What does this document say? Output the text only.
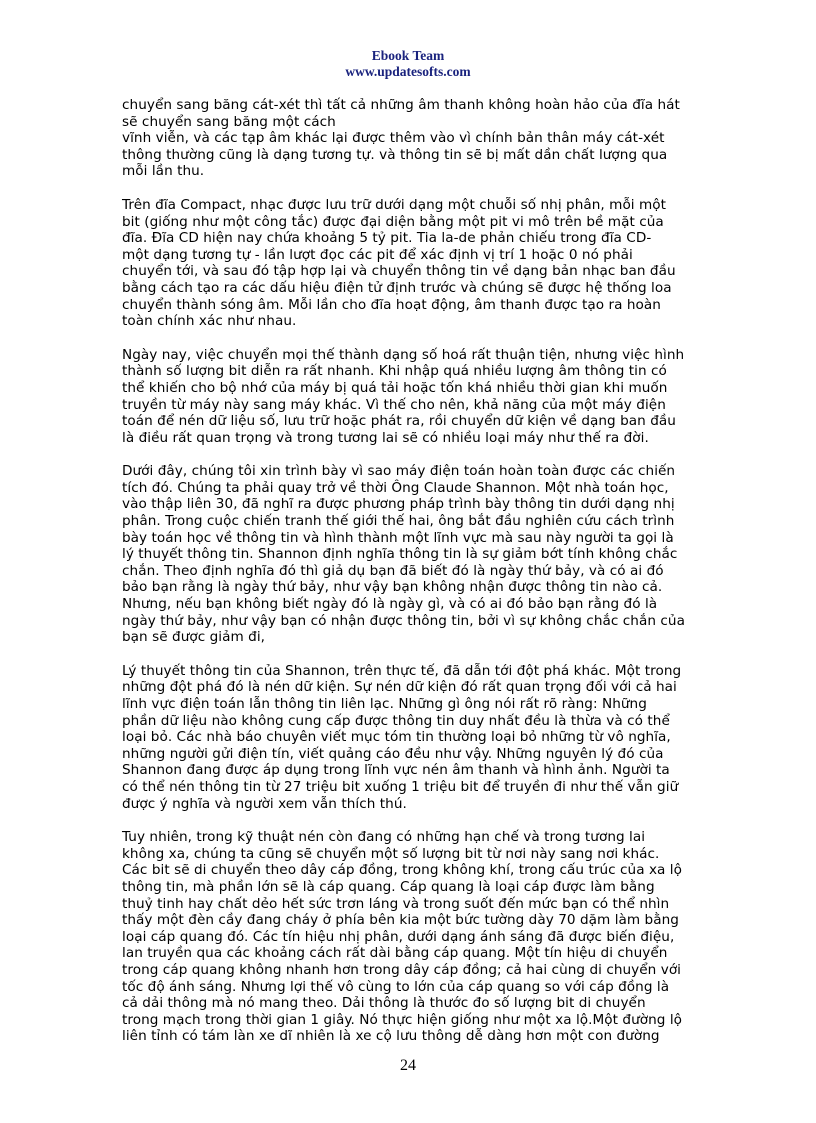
Ebook Team
www.updatesofts.com
chuyển sang băng cát-xét thì tất cả những âm thanh không hoàn hảo của đĩa hát
sẽ chuyển sang băng một cách
vĩnh viễn, và các tạp âm khác lại được thêm vào vì chính bản thân máy cát-xét
thông thường cũng là dạng tương tự. và thông tin sẽ bị mất dần chất lượng qua
mỗi lần thu.
Trên đĩa Compact, nhạc được lưu trữ dưới dạng một chuỗi số nhị phân, mỗi một
bit (giống như một công tắc) được đại diện bằng một pit vi mô trên bề mặt của
đĩa. Đĩa CD hiện nay chứa khoảng 5 tỷ pit. Tia la-de phản chiếu trong đĩa CD-
một dạng tương tự - lần lượt đọc các pit để xác định vị trí 1 hoặc 0 nó phải
chuyển tới, và sau đó tập hợp lại và chuyển thông tin về dạng bản nhạc ban đầu
bằng cách tạo ra các dấu hiệu điện tử định trước và chúng sẽ được hệ thống loa
chuyển thành sóng âm. Mỗi lần cho đĩa hoạt động, âm thanh được tạo ra hoàn
toàn chính xác như nhau.
Ngày nay, việc chuyển mọi thế thành dạng số hoá rất thuận tiện, nhưng việc hình
thành số lượng bit diễn ra rất nhanh. Khi nhập quá nhiều lượng âm thông tin có
thể khiến cho bộ nhớ của máy bị quá tải hoặc tốn khá nhiều thời gian khi muốn
truyền từ máy này sang máy khác. Vì thế cho nên, khả năng của một máy điện
toán để nén dữ liệu số, lưu trữ hoặc phát ra, rồi chuyển dữ kiện về dạng ban đầu
là điều rất quan trọng và trong tương lai sẽ có nhiều loại máy như thế ra đời.
Dưới đây, chúng tôi xin trình bày vì sao máy điện toán hoàn toàn được các chiến
tích đó. Chúng ta phải quay trở về thời Ông Claude Shannon. Một nhà toán học,
vào thập liên 30, đã nghĩ ra được phương pháp trình bày thông tin dưới dạng nhị
phân. Trong cuộc chiến tranh thế giới thế hai, ông bắt đầu nghiên cứu cách trình
bày toán học về thông tin và hình thành một lĩnh vực mà sau này người ta gọi là
lý thuyết thông tin. Shannon định nghĩa thông tin là sự giảm bớt tính không chắc
chắn. Theo định nghĩa đó thì giả dụ bạn đã biết đó là ngày thứ bảy, và có ai đó
bảo bạn rằng là ngày thứ bảy, như vậy bạn không nhận được thông tin nào cả.
Nhưng, nếu bạn không biết ngày đó là ngày gì, và có ai đó bảo bạn rằng đó là
ngày thứ bảy, như vậy bạn có nhận được thông tin, bởi vì sự không chắc chắn của
bạn sẽ được giảm đi,
Lý thuyết thông tin của Shannon, trên thực tế, đã dẫn tới đột phá khác. Một trong
những đột phá đó là nén dữ kiện. Sự nén dữ kiện đó rất quan trọng đối với cả hai
lĩnh vực điện toán lẫn thông tin liên lạc. Những gì ông nói rất rõ ràng: Những
phần dữ liệu nào không cung cấp được thông tin duy nhất đều là thừa và có thể
loại bỏ. Các nhà báo chuyên viết mục tóm tin thường loại bỏ những từ vô nghĩa,
những người gửi điện tín, viết quảng cáo đều như vậy. Những nguyên lý đó của
Shannon đang được áp dụng trong lĩnh vực nén âm thanh và hình ảnh. Người ta
có thể nén thông tin từ 27 triệu bit xuống 1 triệu bit để truyền đi như thế vẫn giữ
được ý nghĩa và người xem vẫn thích thú.
Tuy nhiên, trong kỹ thuật nén còn đang có những hạn chế và trong tương lai
không xa, chúng ta cũng sẽ chuyển một số lượng bit từ nơi này sang nơi khác.
Các bit sẽ di chuyển theo dây cáp đồng, trong không khí, trong cấu trúc của xa lộ
thông tin, mà phần lớn sẽ là cáp quang. Cáp quang là loại cáp được làm bằng
thuỷ tinh hay chất dẻo hết sức trơn láng và trong suốt đến mức bạn có thể nhìn
thấy một đèn cầy đang cháy ở phía bên kia một bức tường dày 70 dặm làm bằng
loại cáp quang đó. Các tín hiệu nhị phân, dưới dạng ánh sáng đã được biến điệu,
lan truyền qua các khoảng cách rất dài bằng cáp quang. Một tín hiệu di chuyển
trong cáp quang không nhanh hơn trong dây cáp đồng; cả hai cùng di chuyển với
tốc độ ánh sáng. Nhưng lợi thế vô cùng to lớn của cáp quang so với cáp đồng là
cả dải thông mà nó mang theo. Dải thông là thước đo số lượng bit di chuyển
trong mạch trong thời gian 1 giây. Nó thực hiện giống như một xa lộ.Một đường lộ
liên tỉnh có tám làn xe dĩ nhiên là xe cộ lưu thông dễ dàng hơn một con đường
24
